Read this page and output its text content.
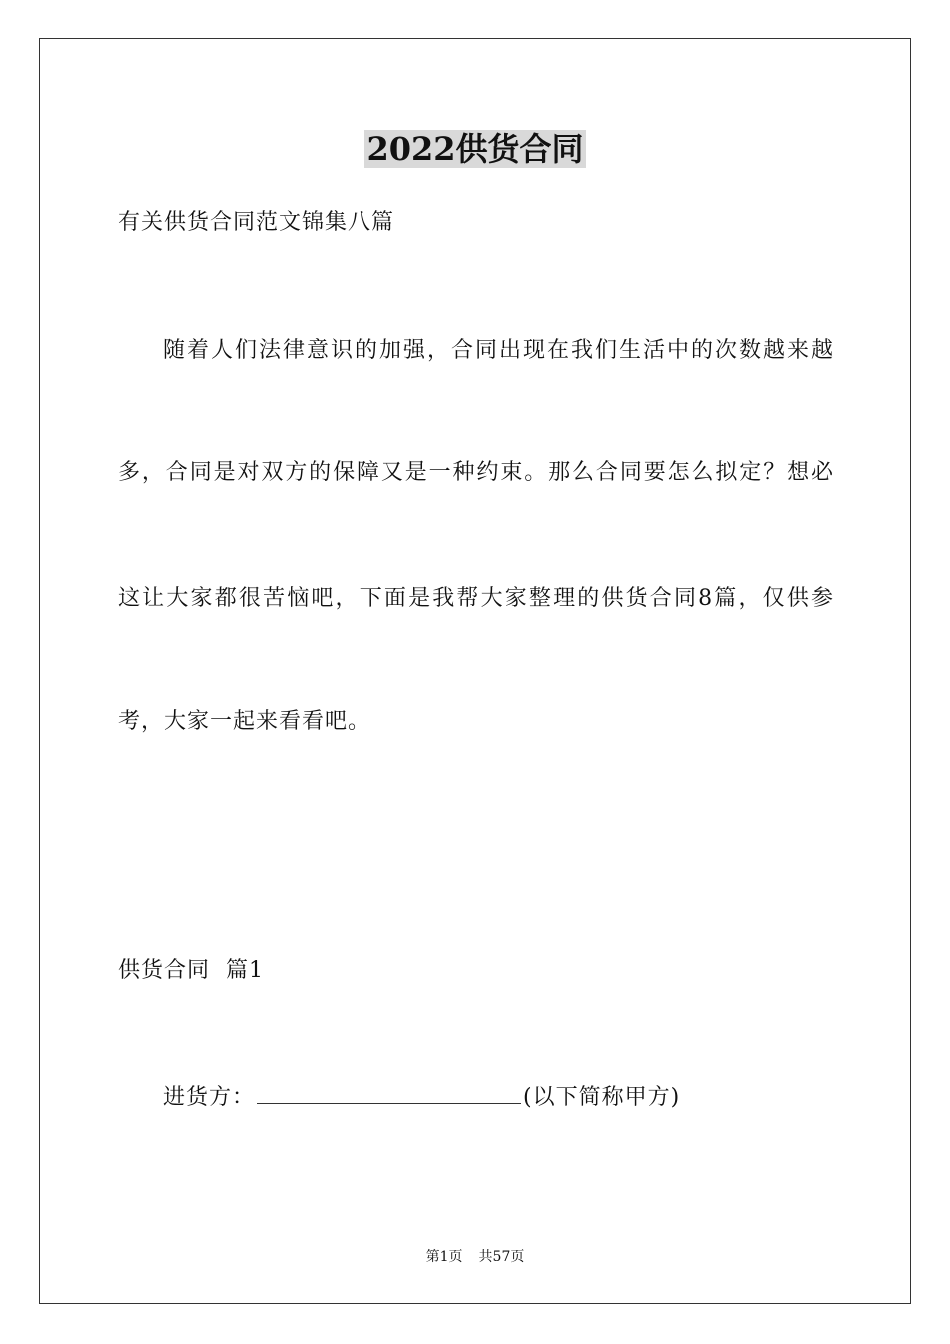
2022供货合同
有关供货合同范文锦集八篇
随着人们法律意识的加强，合同出现在我们生活中的次数越来越
多，合同是对双方的保障又是一种约束。那么合同要怎么拟定？想必
这让大家都很苦恼吧，下面是我帮大家整理的供货合同8篇，仅供参
考，大家一起来看看吧。
供货合同  篇1
进货方：	(以下简称甲方)
第1页 共57页
